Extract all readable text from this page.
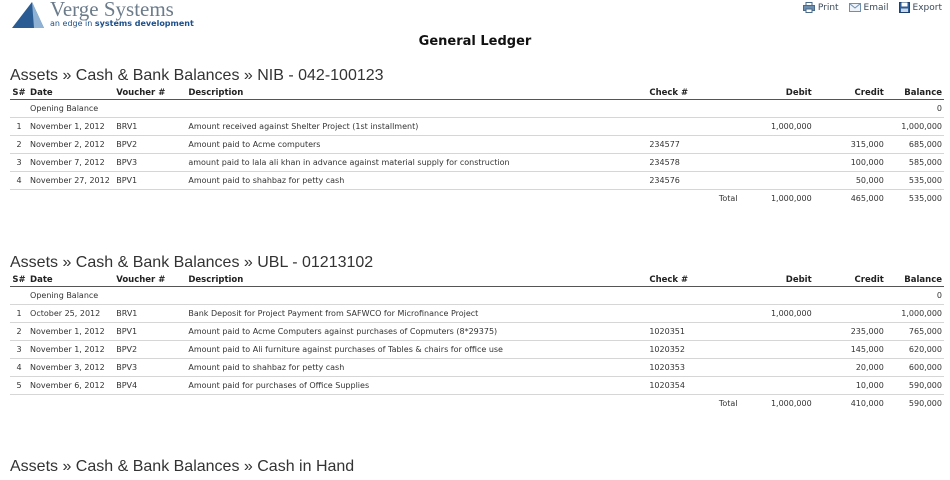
Verge Systems
an edge in systems development
Print	Email	Export
General Ledger
Assets » Cash & Bank Balances » NIB - 042-100123
S#	Date	Voucher #	Description	Check #	Debit	Credit	Balance
	Opening Balance						0
1	November 1, 2012	BRV1	Amount received against Shelter Project (1st installment)		1,000,000		1,000,000
2	November 2, 2012	BPV2	Amount paid to Acme computers	234577		315,000	685,000
3	November 7, 2012	BPV3	amount paid to lala ali khan in advance against material supply for construction	234578		100,000	585,000
4	November 27, 2012	BPV1	Amount paid to shahbaz for petty cash	234576		50,000	535,000
				Total	1,000,000	465,000	535,000
Assets » Cash & Bank Balances » UBL - 01213102
S#	Date	Voucher #	Description	Check #	Debit	Credit	Balance
	Opening Balance						0
1	October 25, 2012	BRV1	Bank Deposit for Project Payment from SAFWCO for Microfinance Project		1,000,000		1,000,000
2	November 1, 2012	BPV1	Amount paid to Acme Computers against purchases of Copmuters (8*29375)	1020351		235,000	765,000
3	November 1, 2012	BPV2	Amount paid to Ali furniture against purchases of Tables & chairs for office use	1020352		145,000	620,000
4	November 3, 2012	BPV3	Amount paid to shahbaz for petty cash	1020353		20,000	600,000
5	November 6, 2012	BPV4	Amount paid for purchases of Office Supplies	1020354		10,000	590,000
				Total	1,000,000	410,000	590,000
Assets » Cash & Bank Balances » Cash in Hand
